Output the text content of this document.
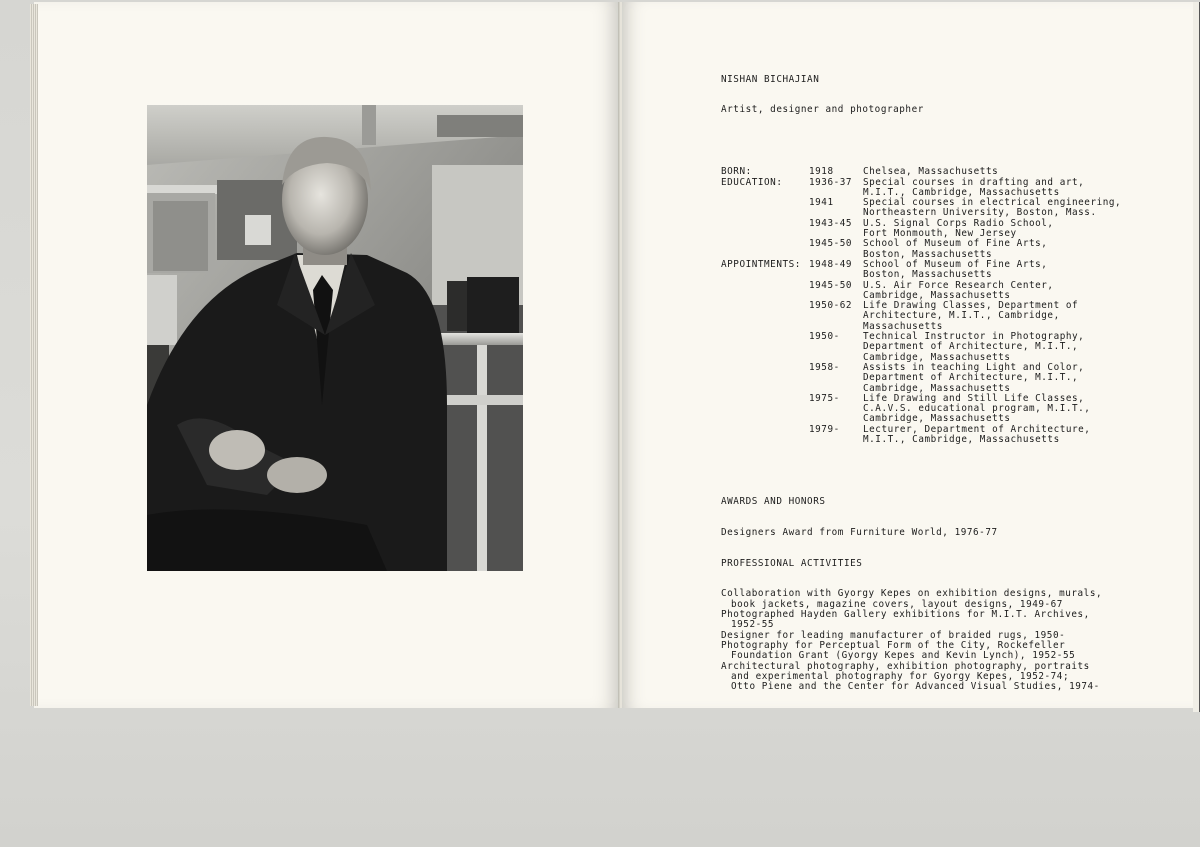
NISHAN BICHAJIAN

Artist, designer and photographer

BORN:	1918	Chelsea, Massachusetts
EDUCATION:	1936-37 Special courses in drafting and art,
M.I.T., Cambridge, Massachusetts
1941	Special courses in electrical engineering,
Northeastern University, Boston, Mass.
1943-45 U.S. Signal Corps Radio School,
Fort Monmouth, New Jersey
1945-50 School of Museum of Fine Arts,
Boston, Massachusetts
APPOINTMENTS: 1948-49 School of Museum of Fine Arts,
Boston, Massachusetts
1945-50 U.S. Air Force Research Center,
Cambridge, Massachusetts
1950-62 Life Drawing Classes, Department of
Architecture, M.I.T., Cambridge,
Massachusetts
1950-	Technical Instructor in Photography,
Department of Architecture, M.I.T.,
Cambridge, Massachusetts
1958-	Assists in teaching Light and Color,
Department of Architecture, M.I.T.,
Cambridge, Massachusetts
1975-	Life Drawing and Still Life Classes,
C.A.V.S. educational program, M.I.T.,
Cambridge, Massachusetts
1979-	Lecturer, Department of Architecture,
M.I.T., Cambridge, Massachusetts

AWARDS AND HONORS

Designers Award from Furniture World, 1976-77

PROFESSIONAL ACTIVITIES

Collaboration with Gyorgy Kepes on exhibition designs, murals,
book jackets, magazine covers, layout designs, 1949-67
Photographed Hayden Gallery exhibitions for M.I.T. Archives,
1952-55
Designer for leading manufacturer of braided rugs, 1950-
Photography for Perceptual Form of the City, Rockefeller
Foundation Grant (Gyorgy Kepes and Kevin Lynch), 1952-55
Architectural photography, exhibition photography, portraits
and experimental photography for Gyorgy Kepes, 1952-74;
Otto Piene and the Center for Advanced Visual Studies, 1974-
